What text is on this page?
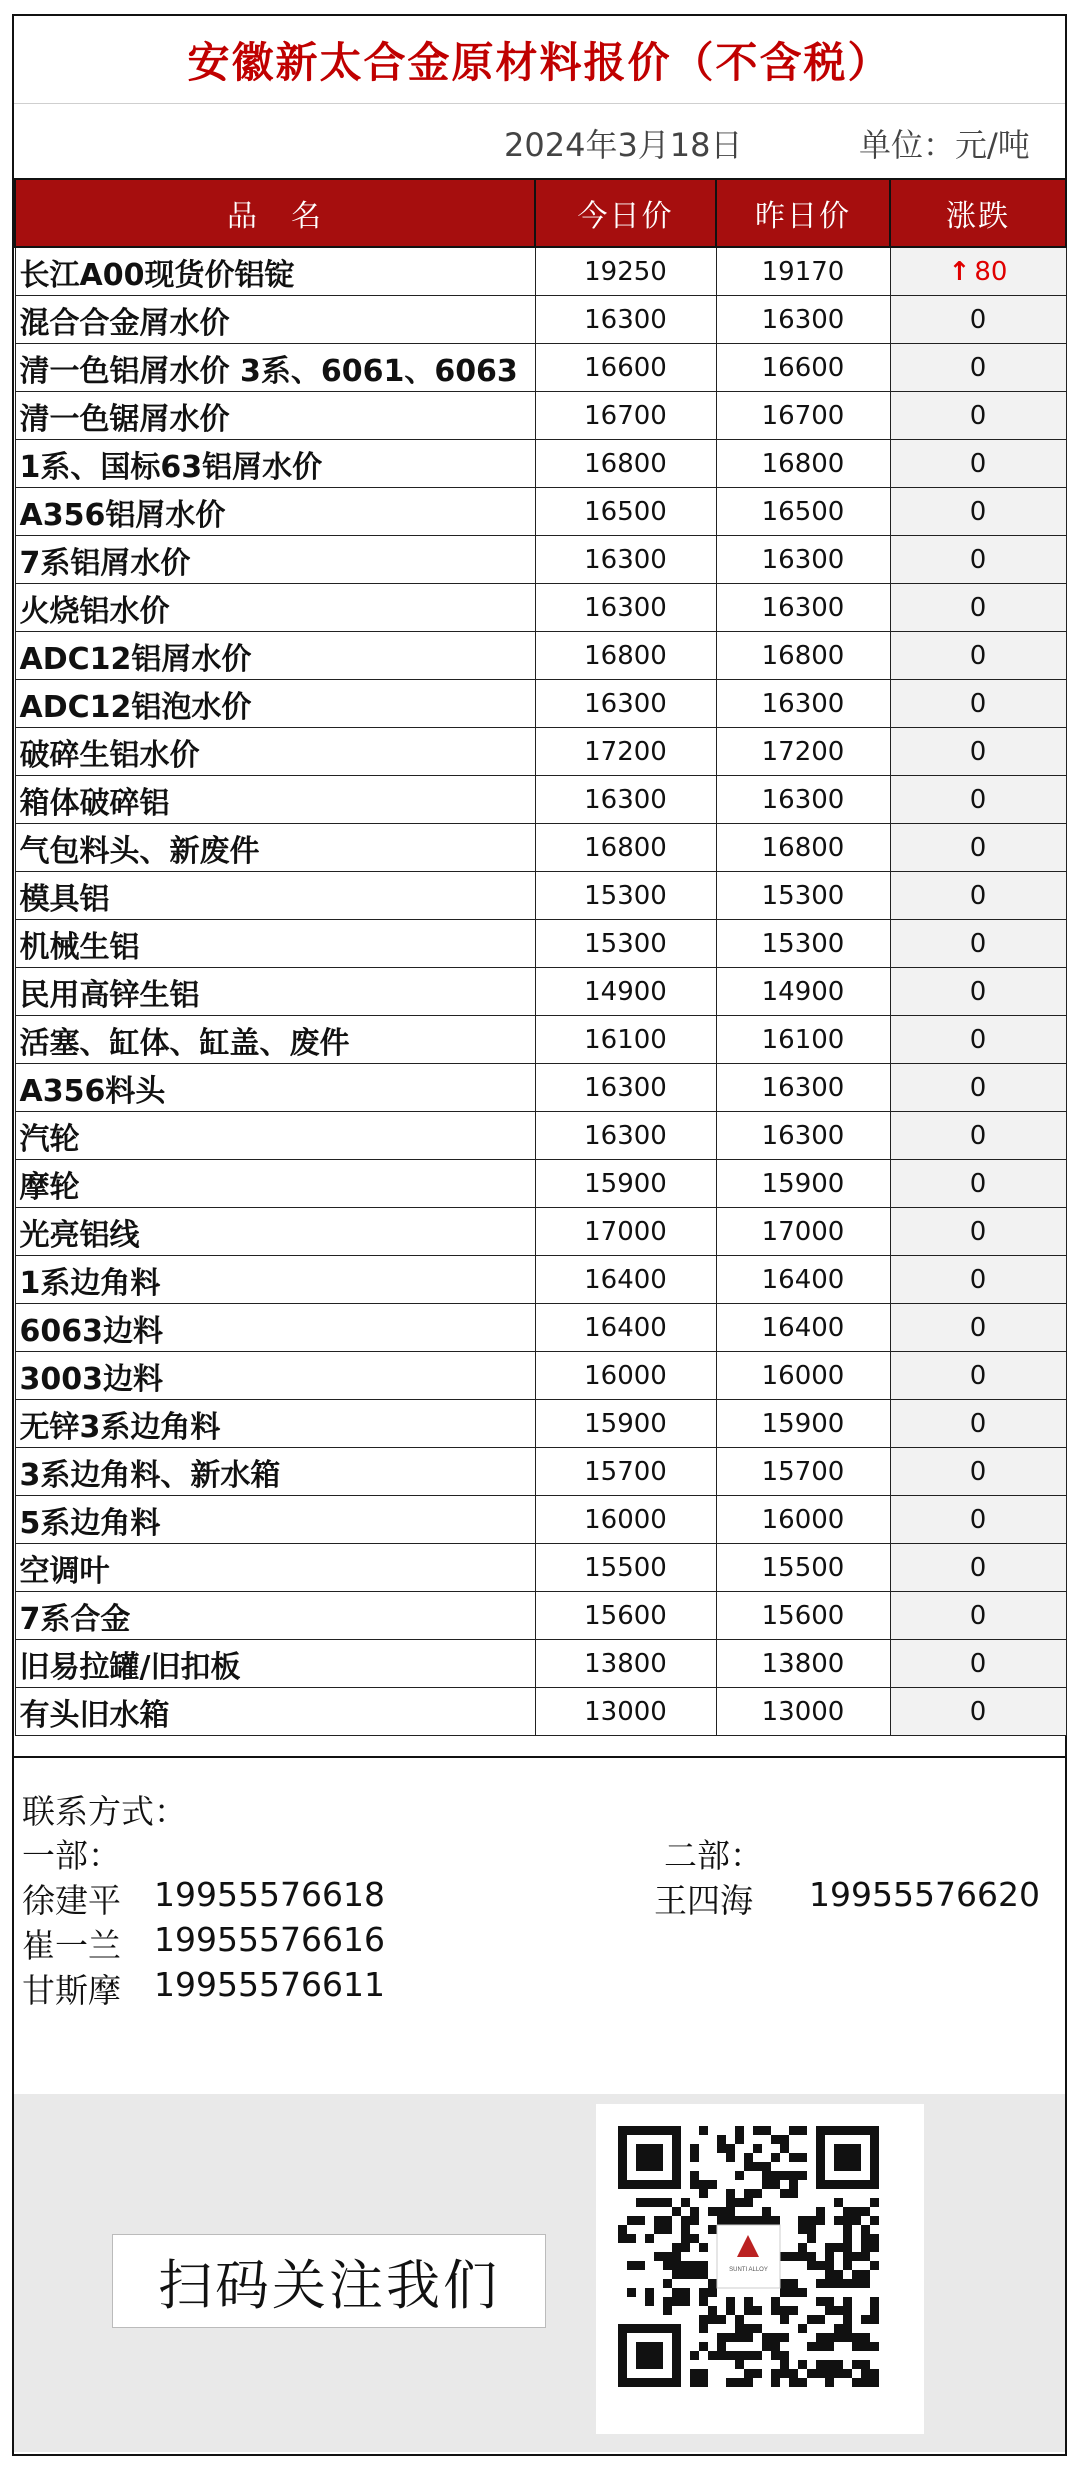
安徽新太合金原材料报价（不含税）
2024年3月18日	单位：元/吨
品　名	今日价	昨日价	涨跌
长江A00现货价铝锭	19250	19170	↑ 80
混合合金屑水价	16300	16300	0
清一色铝屑水价 3系、6061、6063	16600	16600	0
清一色锯屑水价	16700	16700	0
1系、国标63铝屑水价	16800	16800	0
A356铝屑水价	16500	16500	0
7系铝屑水价	16300	16300	0
火烧铝水价	16300	16300	0
ADC12铝屑水价	16800	16800	0
ADC12铝泡水价	16300	16300	0
破碎生铝水价	17200	17200	0
箱体破碎铝	16300	16300	0
气包料头、新废件	16800	16800	0
模具铝	15300	15300	0
机械生铝	15300	15300	0
民用高锌生铝	14900	14900	0
活塞、缸体、缸盖、废件	16100	16100	0
A356料头	16300	16300	0
汽轮	16300	16300	0
摩轮	15900	15900	0
光亮铝线	17000	17000	0
1系边角料	16400	16400	0
6063边料	16400	16400	0
3003边料	16000	16000	0
无锌3系边角料	15900	15900	0
3系边角料、新水箱	15700	15700	0
5系边角料	16000	16000	0
空调叶	15500	15500	0
7系合金	15600	15600	0
旧易拉罐/旧扣板	13800	13800	0
有头旧水箱	13000	13000	0
联系方式：
一部：	二部：
徐建平 19955576618
崔一兰 19955576616
甘斯摩 19955576611
王四海 19955576620
扫码关注我们	SUNTI ALLOY
